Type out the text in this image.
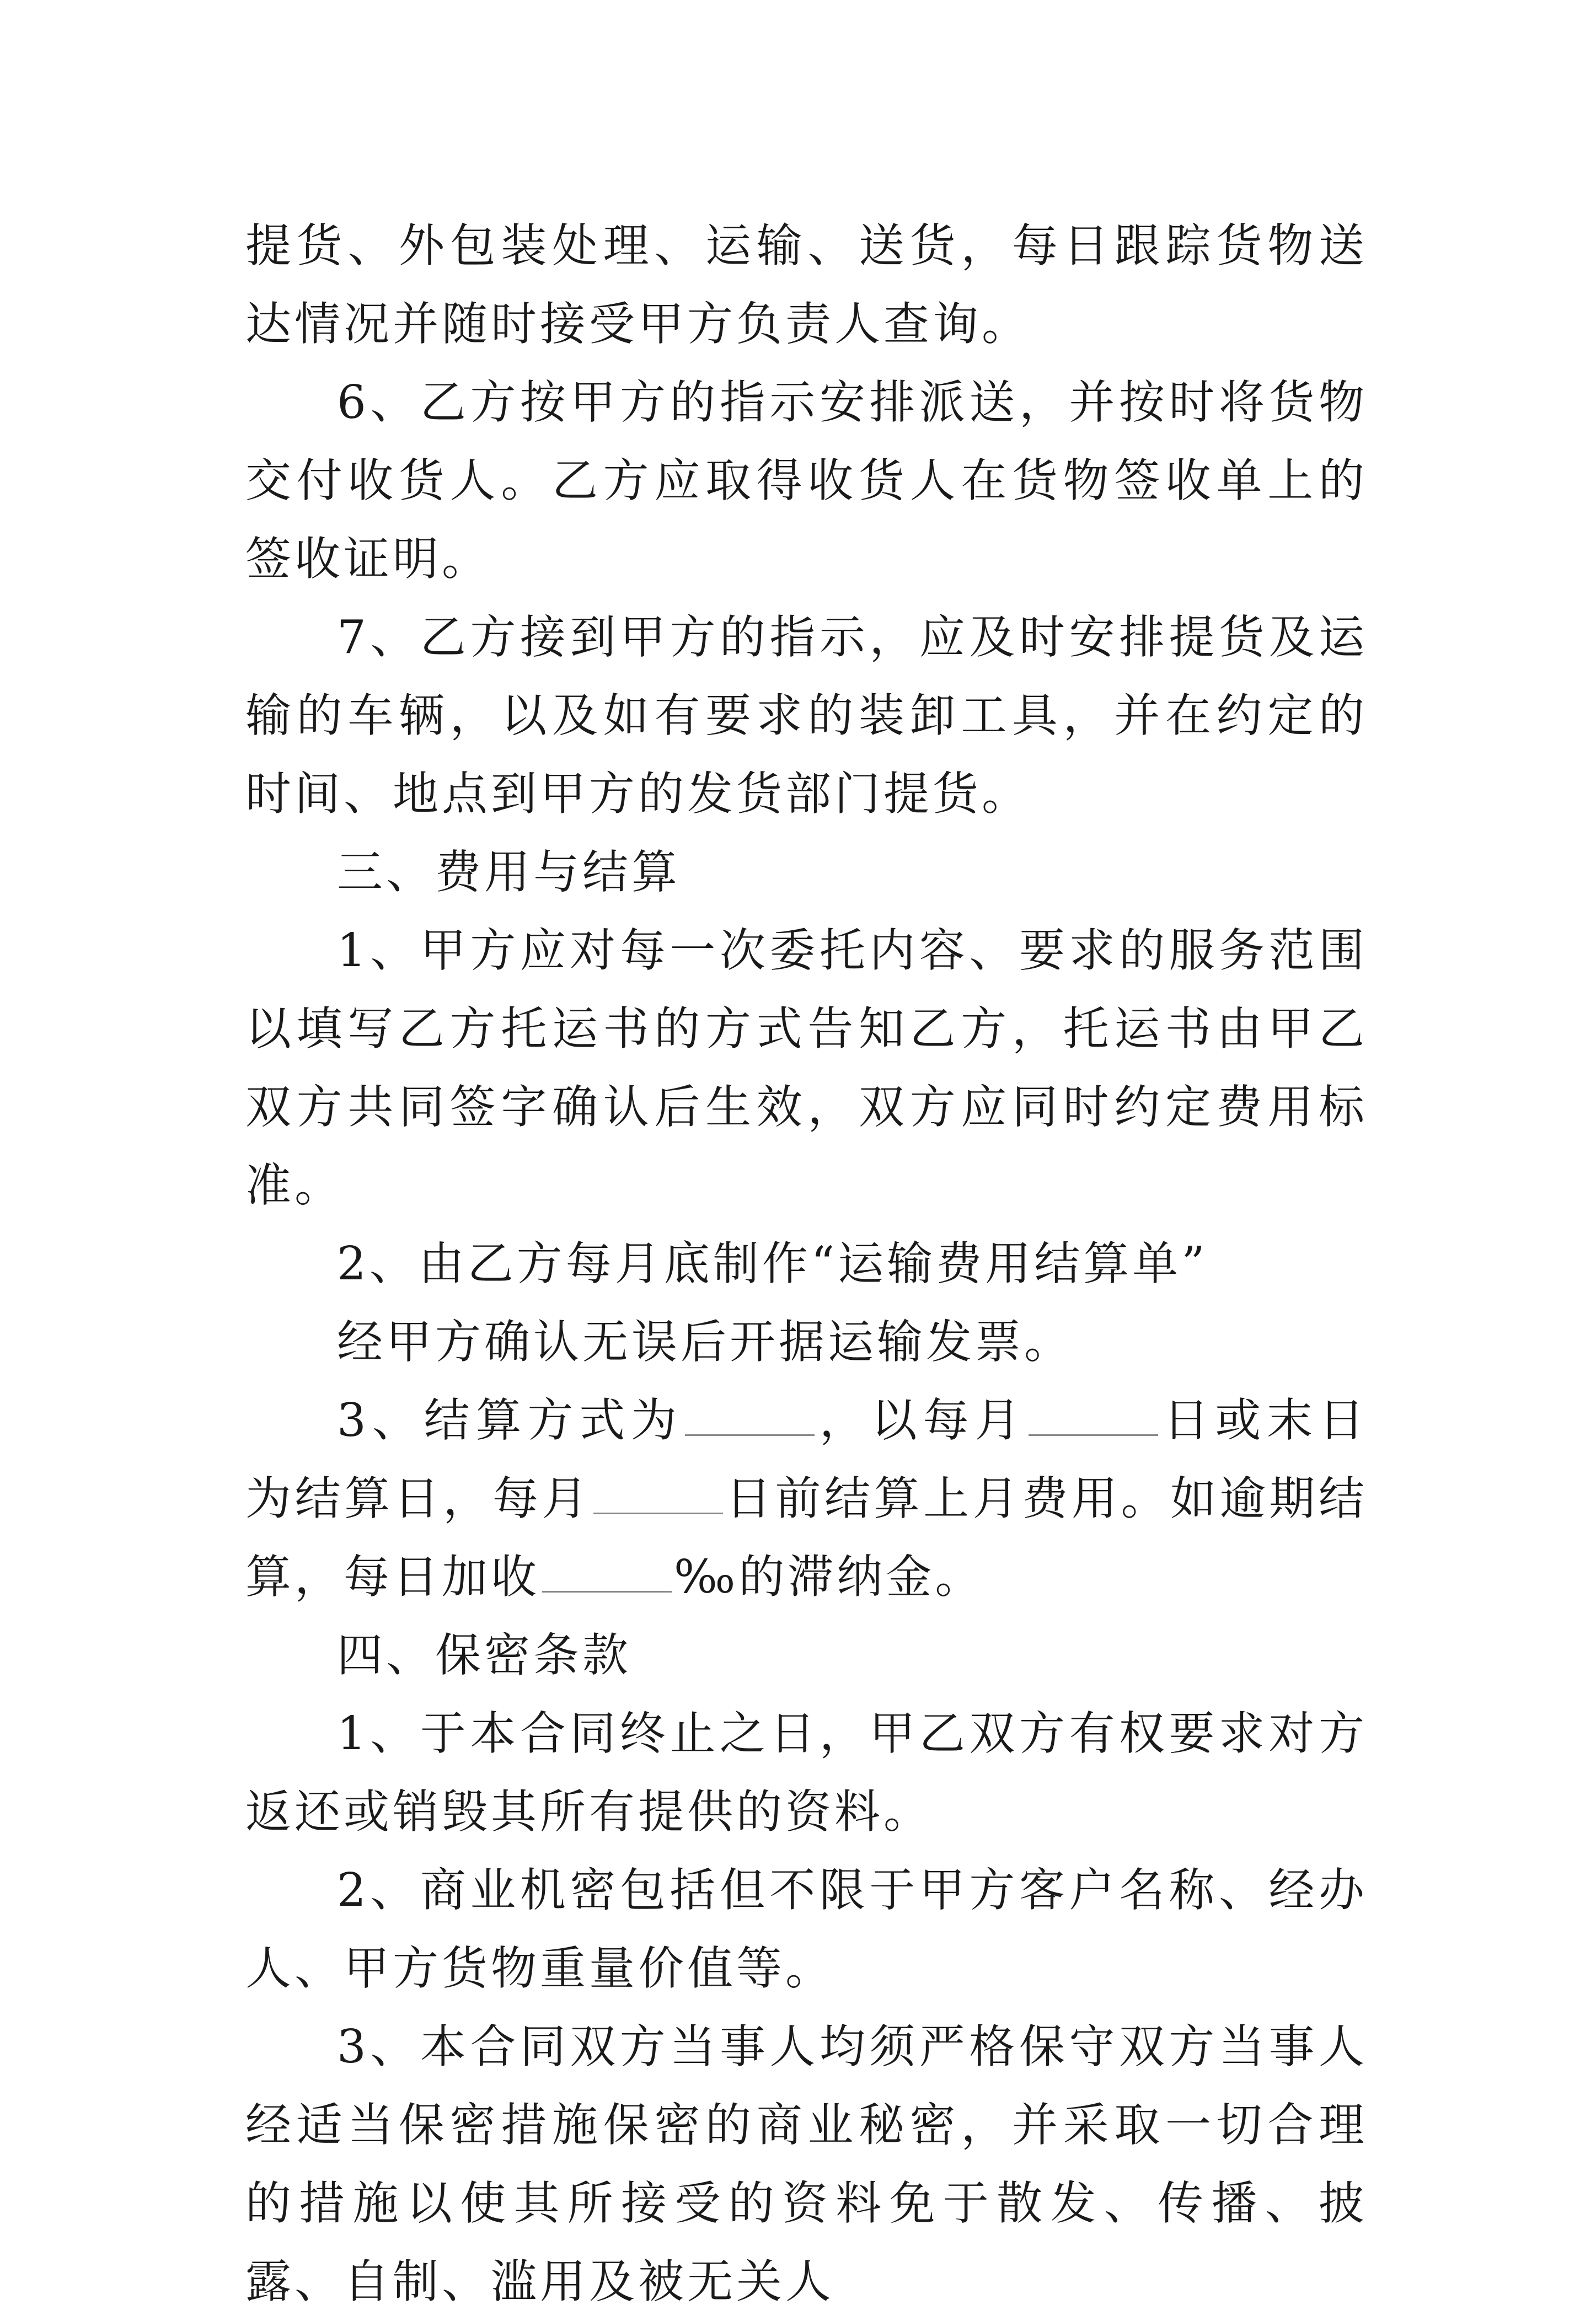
提货、外包装处理、运输、送货，每日跟踪货物送达情况并随时接受甲方负责人查询。

6、乙方按甲方的指示安排派送，并按时将货物交付收货人。乙方应取得收货人在货物签收单上的签收证明。

7、乙方接到甲方的指示，应及时安排提货及运输的车辆，以及如有要求的装卸工具，并在约定的时间、地点到甲方的发货部门提货。

三、费用与结算

1、甲方应对每一次委托内容、要求的服务范围以填写乙方托运书的方式告知乙方，托运书由甲乙双方共同签字确认后生效，双方应同时约定费用标准。

2、由乙方每月底制作“运输费用结算单”

经甲方确认无误后开据运输发票。

3、结算方式为	，以每月	日或末日为结算日，每月	日前结算上月费用。如逾期结算，每日加收	‰的滞纳金。

四、保密条款

1、于本合同终止之日，甲乙双方有权要求对方返还或销毁其所有提供的资料。

2、商业机密包括但不限于甲方客户名称、经办人、甲方货物重量价值等。

3、本合同双方当事人均须严格保守双方当事人经适当保密措施保密的商业秘密，并采取一切合理的措施以使其所接受的资料免于散发、传播、披露、自制、滥用及被无关人
